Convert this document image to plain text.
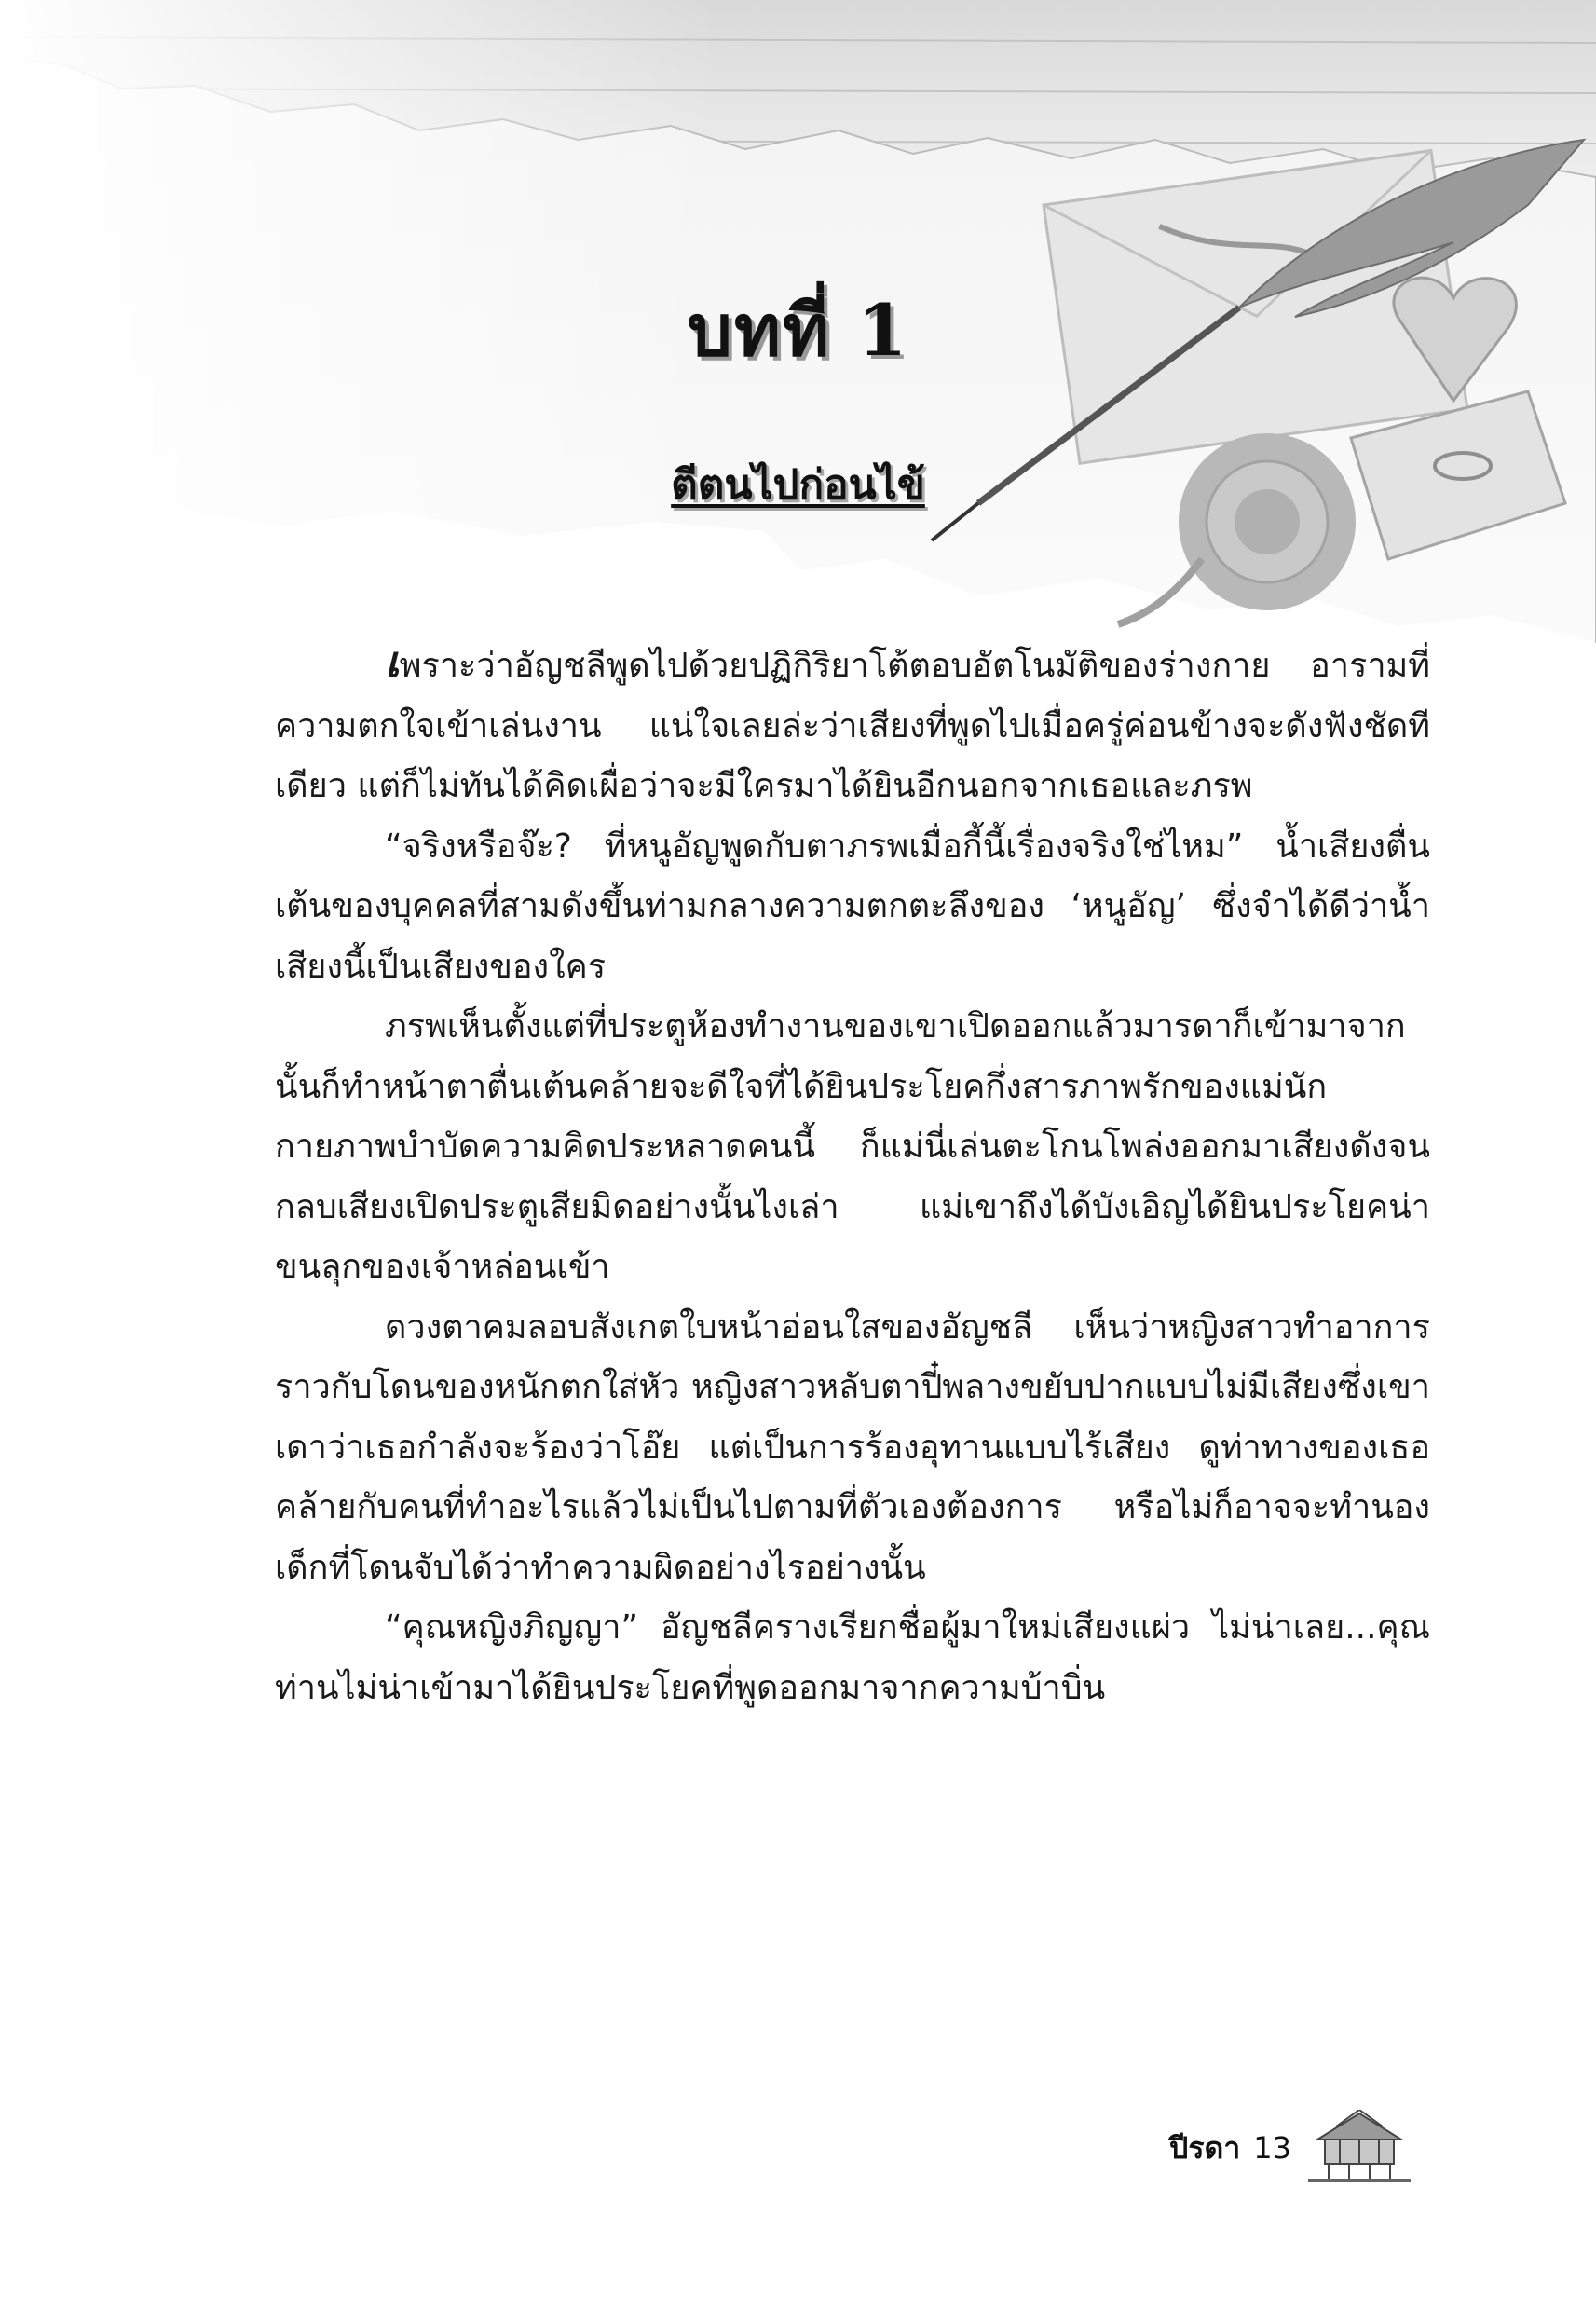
บทที่ 1
ตีตนไปก่อนไข้

เพราะว่าอัญชลีพูดไปด้วยปฏิกิริยาโต้ตอบอัตโนมัติของร่างกาย อารามที่ความตกใจเข้าเล่นงาน แน่ใจเลยล่ะว่าเสียงที่พูดไปเมื่อครู่ค่อนข้างจะดังฟังชัดทีเดียว แต่ก็ไม่ทันได้คิดเผื่อว่าจะมีใครมาได้ยินอีกนอกจากเธอและภรพ

“จริงหรือจ๊ะ? ที่หนูอัญพูดกับตาภรพเมื่อกี้นี้เรื่องจริงใช่ไหม” น้ำเสียงตื่นเต้นของบุคคลที่สามดังขึ้นท่ามกลางความตกตะลึงของ ‘หนูอัญ’ ซึ่งจำได้ดีว่าน้ำเสียงนี้เป็นเสียงของใคร

ภรพเห็นตั้งแต่ที่ประตูห้องทำงานของเขาเปิดออกแล้วมารดาก็เข้ามาจากนั้นก็ทำหน้าตาตื่นเต้นคล้ายจะดีใจที่ได้ยินประโยคกึ่งสารภาพรักของแม่นักกายภาพบำบัดความคิดประหลาดคนนี้ ก็แม่นี่เล่นตะโกนโพล่งออกมาเสียงดังจนกลบเสียงเปิดประตูเสียมิดอย่างนั้นไงเล่า แม่เขาถึงได้บังเอิญได้ยินประโยคน่าขนลุกของเจ้าหล่อนเข้า

ดวงตาคมลอบสังเกตใบหน้าอ่อนใสของอัญชลี เห็นว่าหญิงสาวทำอาการราวกับโดนของหนักตกใส่หัว หญิงสาวหลับตาปี๋พลางขยับปากแบบไม่มีเสียงซึ่งเขาเดาว่าเธอกำลังจะร้องว่าโอ๊ย แต่เป็นการร้องอุทานแบบไร้เสียง ดูท่าทางของเธอคล้ายกับคนที่ทำอะไรแล้วไม่เป็นไปตามที่ตัวเองต้องการ หรือไม่ก็อาจจะทำนองเด็กที่โดนจับได้ว่าทำความผิดอย่างไรอย่างนั้น

“คุณหญิงภิญญา” อัญชลีครางเรียกชื่อผู้มาใหม่เสียงแผ่ว ไม่น่าเลย...คุณท่านไม่น่าเข้ามาได้ยินประโยคที่พูดออกมาจากความบ้าบิ่น

ปีรดา 13
